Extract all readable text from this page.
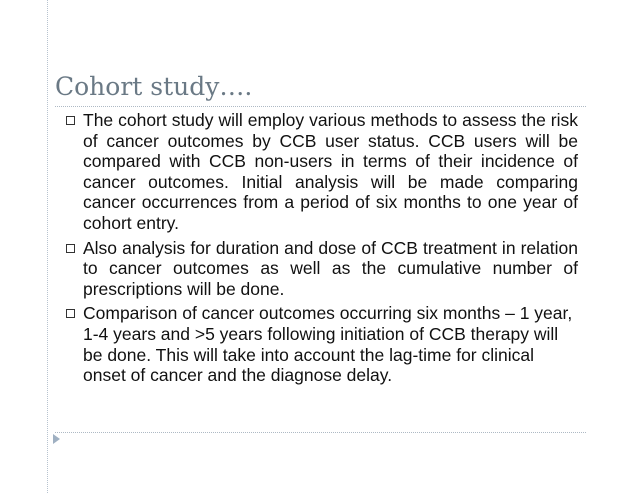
Cohort study….
The cohort study will employ various methods to assess the risk of cancer outcomes by CCB user status. CCB users will be compared with CCB non-users in terms of their incidence of cancer outcomes. Initial analysis will be made comparing cancer occurrences from a period of six months to one year of cohort entry.
Also analysis for duration and dose of CCB treatment in relation to cancer outcomes as well as the cumulative number of prescriptions will be done.
Comparison of cancer outcomes occurring six months – 1 year, 1-4 years and >5 years following initiation of CCB therapy will be done. This will take into account the lag-time for clinical onset of cancer and the diagnose delay.
